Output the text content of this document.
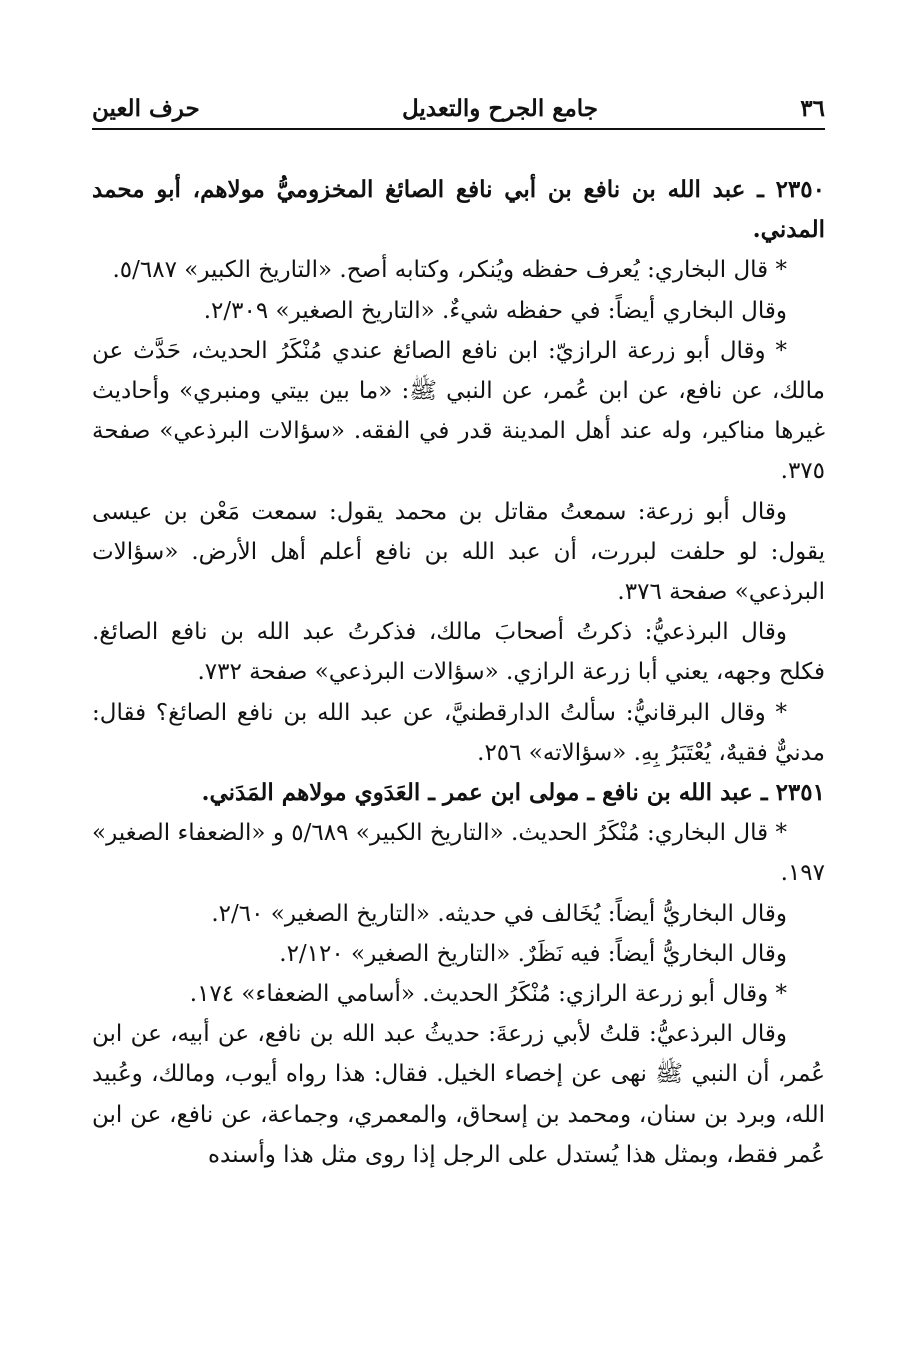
٣٦
جامع الجرح والتعديل
حرف العين

٢٣٥٠ ـ عبد الله بن نافع بن أبي نافع الصائغ المخزوميُّ مولاهم، أبو محمد المدني.

* قال البخاري: يُعرف حفظه ويُنكر، وكتابه أصح. «التاريخ الكبير» ٥/٦٨٧.

وقال البخاري أيضاً: في حفظه شيءٌ. «التاريخ الصغير» ٢/٣٠٩.

* وقال أبو زرعة الرازيّ: ابن نافع الصائغ عندي مُنْكَرُ الحديث، حَدَّث عن مالك، عن نافع، عن ابن عُمر، عن النبي ﷺ: «ما بين بيتي ومنبري» وأحاديث غيرها مناكير، وله عند أهل المدينة قدر في الفقه. «سؤالات البرذعي» صفحة ٣٧٥.

وقال أبو زرعة: سمعتُ مقاتل بن محمد يقول: سمعت مَعْن بن عيسى يقول: لو حلفت لبررت، أن عبد الله بن نافع أعلم أهل الأرض. «سؤالات البرذعي» صفحة ٣٧٦.

وقال البرذعيُّ: ذكرتُ أصحابَ مالك، فذكرتُ عبد الله بن نافع الصائغ. فكلح وجهه، يعني أبا زرعة الرازي. «سؤالات البرذعي» صفحة ٧٣٢.

* وقال البرقانيُّ: سألتُ الدارقطنيَّ، عن عبد الله بن نافع الصائغ؟ فقال: مدنيٌّ فقيهٌ، يُعْتَبَرُ بِهِ. «سؤالاته» ٢٥٦.

٢٣٥١ ـ عبد الله بن نافع ـ مولى ابن عمر ـ العَدَوي مولاهم المَدَني.

* قال البخاري: مُنْكَرُ الحديث. «التاريخ الكبير» ٥/٦٨٩ و «الضعفاء الصغير» ١٩٧.

وقال البخاريُّ أيضاً: يُخَالف في حديثه. «التاريخ الصغير» ٢/٦٠.

وقال البخاريُّ أيضاً: فيه نَظَرٌ. «التاريخ الصغير» ٢/١٢٠.

* وقال أبو زرعة الرازي: مُنْكَرُ الحديث. «أسامي الضعفاء» ١٧٤.

وقال البرذعيُّ: قلتُ لأبي زرعةَ: حديثُ عبد الله بن نافع، عن أبيه، عن ابن عُمر، أن النبي ﷺ نهى عن إخصاء الخيل. فقال: هذا رواه أيوب، ومالك، وعُبيد الله، وبرد بن سنان، ومحمد بن إسحاق، والمعمري، وجماعة، عن نافع، عن ابن عُمر فقط، وبمثل هذا يُستدل على الرجل إذا روى مثل هذا وأسنده
